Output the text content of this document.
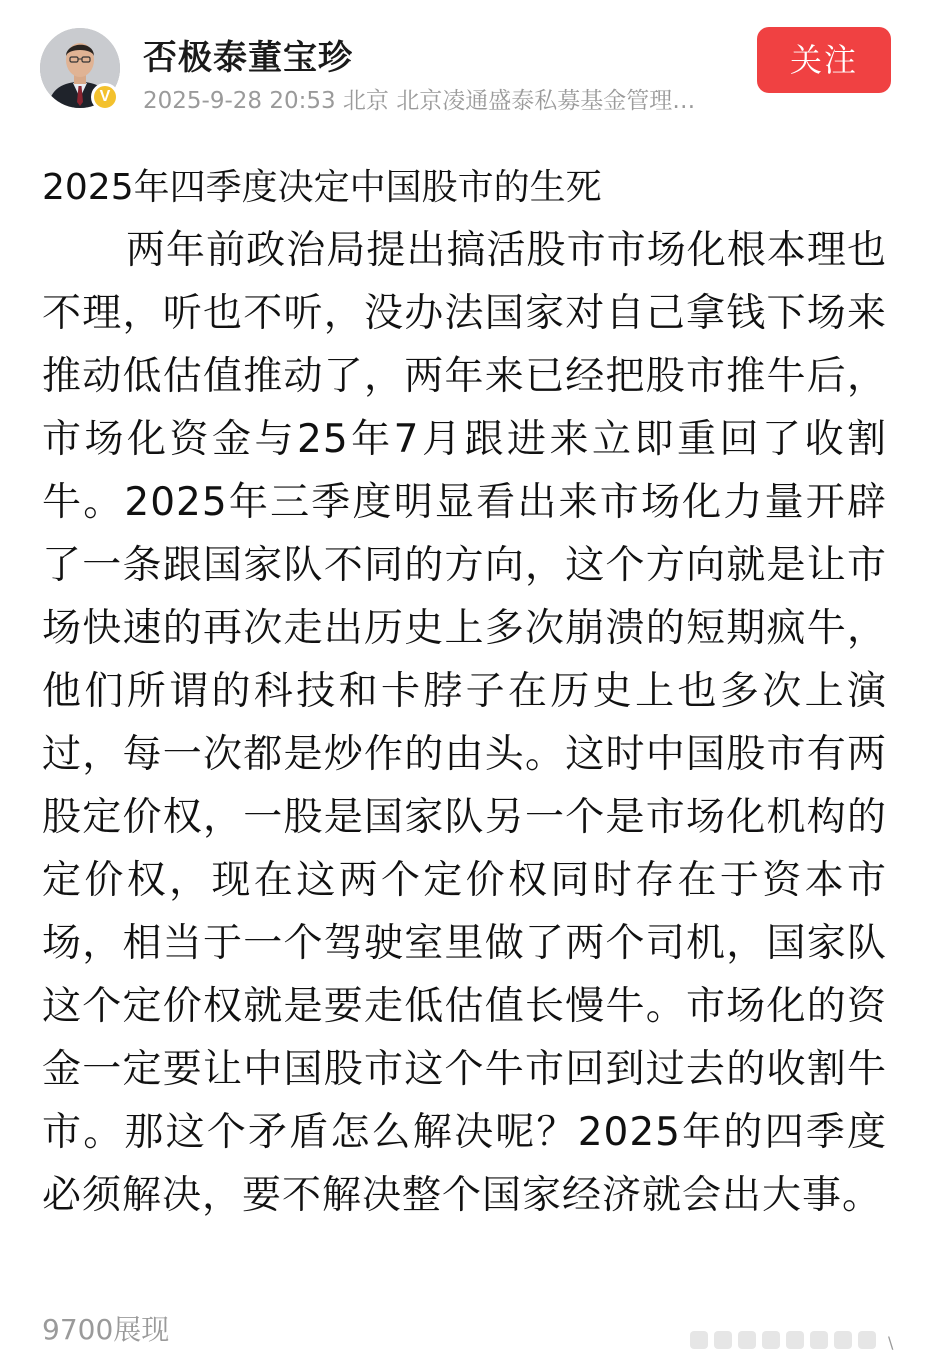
V
否极泰董宝珍
2025-9-28 20:53 北京 北京凌通盛泰私募基金管理…
关注
2025年四季度决定中国股市的生死

两年前政治局提出搞活股市市场化根本理也不理，听也不听，没办法国家对自己拿钱下场来推动低估值推动了，两年来已经把股市推牛后，市场化资金与25年7月跟进来立即重回了收割牛。2025年三季度明显看出来市场化力量开辟了一条跟国家队不同的方向，这个方向就是让市场快速的再次走出历史上多次崩溃的短期疯牛，他们所谓的科技和卡脖子在历史上也多次上演过，每一次都是炒作的由头。这时中国股市有两股定价权，一股是国家队另一个是市场化机构的定价权，现在这两个定价权同时存在于资本市场，相当于一个驾驶室里做了两个司机，国家队这个定价权就是要走低估值长慢牛。市场化的资金一定要让中国股市这个牛市回到过去的收割牛市。那这个矛盾怎么解决呢？2025年的四季度必须解决，要不解决整个国家经济就会出大事。

9700展现	\
